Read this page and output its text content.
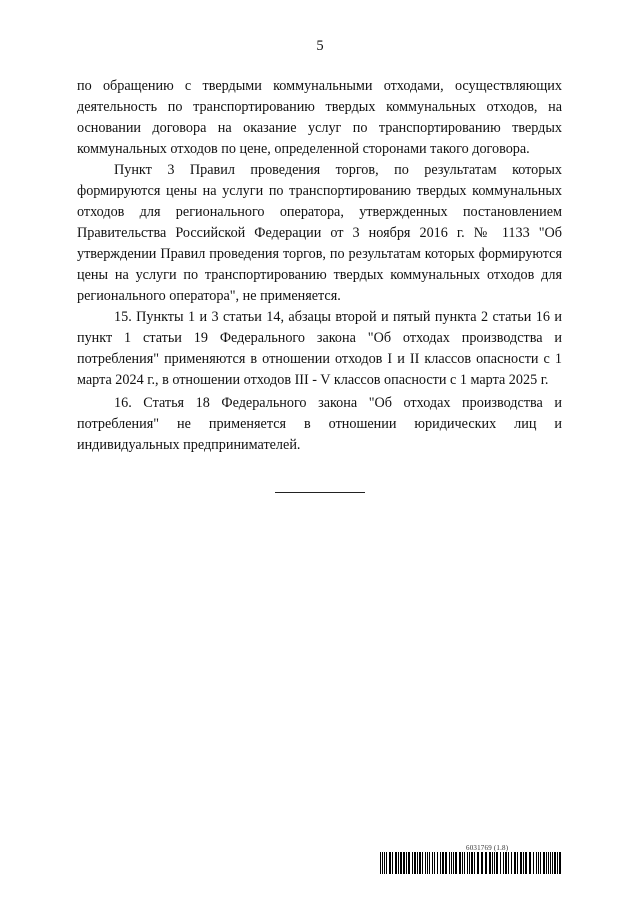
5

по обращению с твердыми коммунальными отходами, осуществляющих деятельность по транспортированию твердых коммунальных отходов, на основании договора на оказание услуг по транспортированию твердых коммунальных отходов по цене, определенной сторонами такого договора.

Пункт 3 Правил проведения торгов, по результатам которых формируются цены на услуги по транспортированию твердых коммунальных отходов для регионального оператора, утвержденных постановлением Правительства Российской Федерации от 3 ноября 2016 г. № 1133 "Об утверждении Правил проведения торгов, по результатам которых формируются цены на услуги по транспортированию твердых коммунальных отходов для регионального оператора", не применяется.

15. Пункты 1 и 3 статьи 14, абзацы второй и пятый пункта 2 статьи 16 и пункт 1 статьи 19 Федерального закона "Об отходах производства и потребления" применяются в отношении отходов I и II классов опасности с 1 марта 2024 г., в отношении отходов III - V классов опасности с 1 марта 2025 г.

16. Статья 18 Федерального закона "Об отходах производства и потребления" не применяется в отношении юридических лиц и индивидуальных предпринимателей.

6031769 (1.8)
